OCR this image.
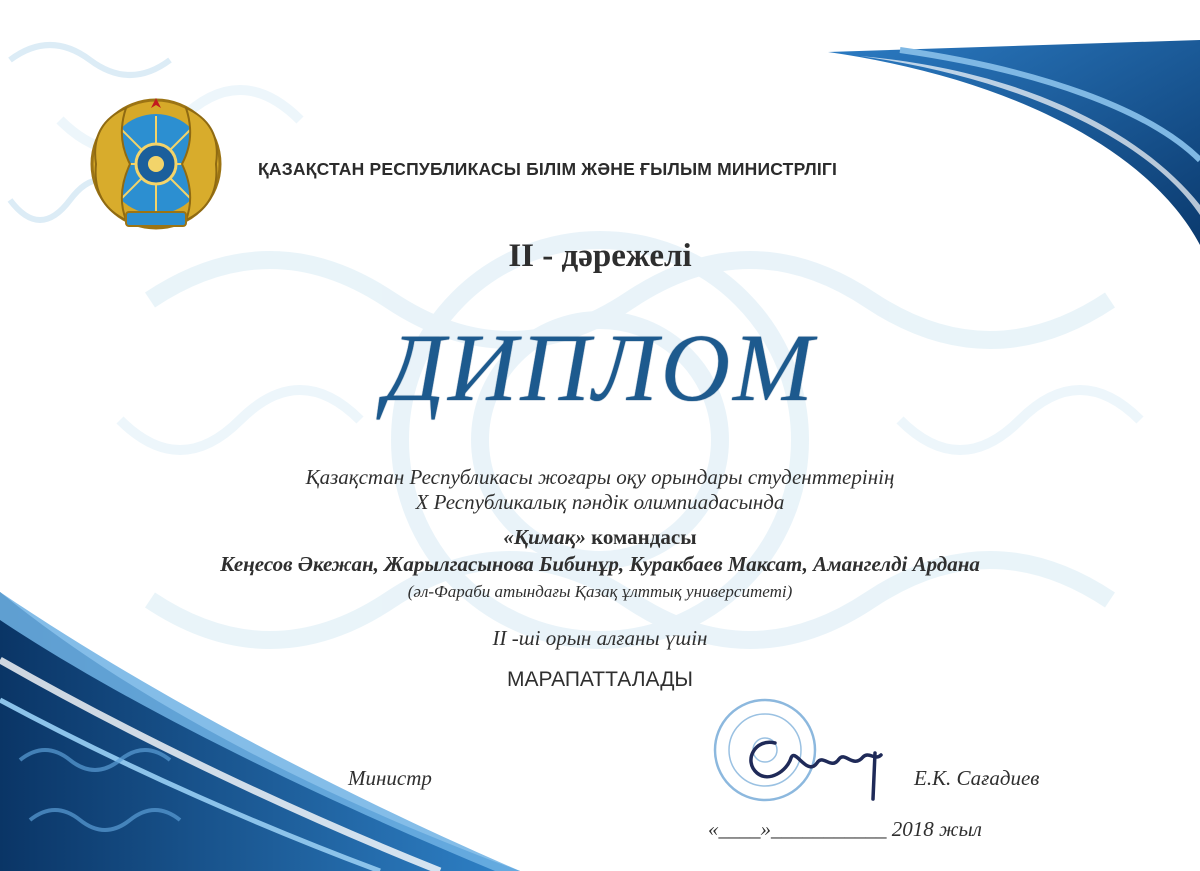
ҚАЗАҚСТАН РЕСПУБЛИКАСЫ БІЛІМ ЖӘНЕ ҒЫЛЫМ МИНИСТРЛІГІ
II - дәрежелі
ДИПЛОМ
Қазақстан Республикасы жоғары оқу орындары студенттерінің
X Республикалық пәндік олимпиадасында
«Қимақ» командасы
Кеңесов Әкежан, Жарылгасынова Бибинұр, Куракбаев Максат, Амангелді Ардана
(әл-Фараби атындағы Қазақ ұлттық университеті)
II -ші орын алғаны үшін
МАРАПАТТАЛАДЫ
Министр	Е.К. Сағадиев
«____»___________ 2018 жыл
